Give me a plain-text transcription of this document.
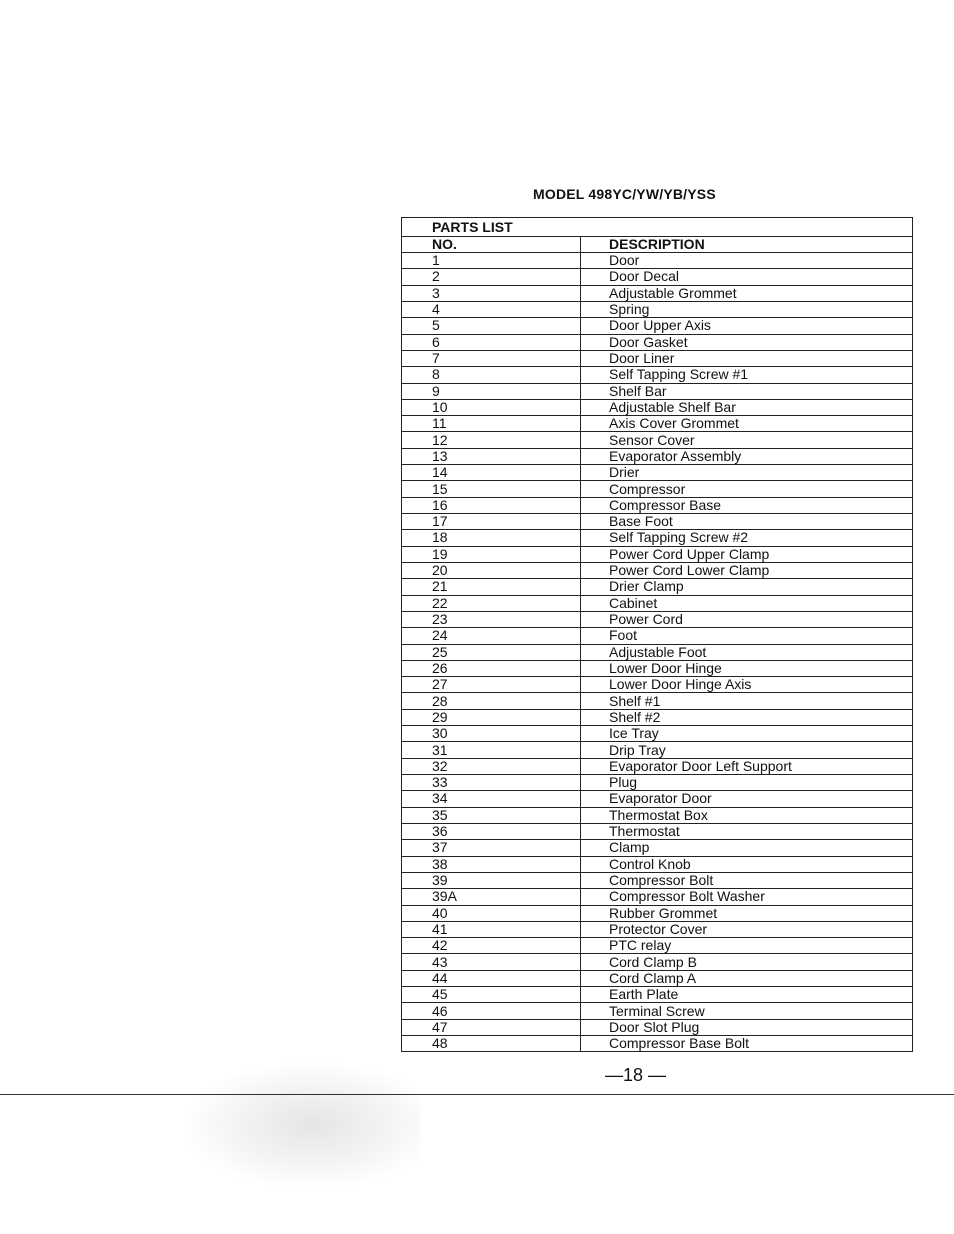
MODEL 498YC/YW/YB/YSS
PARTS LIST	
NO.	DESCRIPTION
1	Door
2	Door Decal
3	Adjustable Grommet
4	Spring
5	Door Upper Axis
6	Door Gasket
7	Door Liner
8	Self Tapping Screw #1
9	Shelf Bar
10	Adjustable Shelf Bar
11	Axis Cover Grommet
12	Sensor Cover
13	Evaporator Assembly
14	Drier
15	Compressor
16	Compressor Base
17	Base Foot
18	Self Tapping Screw #2
19	Power Cord Upper Clamp
20	Power Cord Lower Clamp
21	Drier Clamp
22	Cabinet
23	Power Cord
24	Foot
25	Adjustable Foot
26	Lower Door Hinge
27	Lower Door Hinge Axis
28	Shelf #1
29	Shelf #2
30	Ice Tray
31	Drip Tray
32	Evaporator Door Left Support
33	Plug
34	Evaporator Door
35	Thermostat Box
36	Thermostat
37	Clamp
38	Control Knob
39	Compressor Bolt
39A	Compressor Bolt Washer
40	Rubber Grommet
41	Protector Cover
42	PTC relay
43	Cord Clamp B
44	Cord Clamp A
45	Earth Plate
46	Terminal Screw
47	Door Slot Plug
48	Compressor Base Bolt
—18 —
